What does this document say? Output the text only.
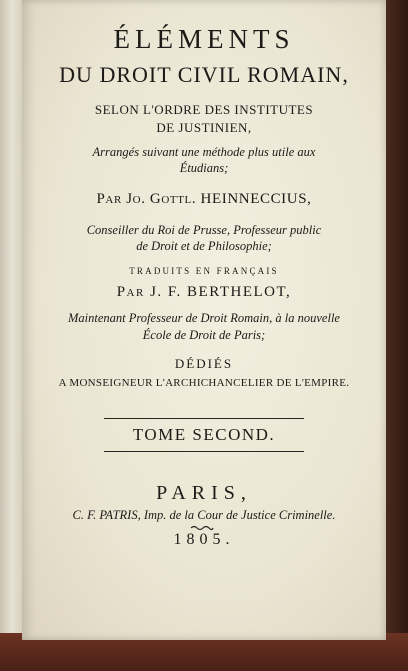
ÉLÉMENTS
DU DROIT CIVIL ROMAIN,
SELON L'ORDRE DES INSTITUTES
DE JUSTINIEN,
Arrangés suivant une méthode plus utile aux
Étudians;
Par Jo. Gottl. HEINNECCIUS,
Conseiller du Roi de Prusse, Professeur public
de Droit et de Philosophie;
TRADUITS EN FRANÇAIS
Par J. F. BERTHELOT,
Maintenant Professeur de Droit Romain, à la nouvelle
École de Droit de Paris;
DÉDIÉS
A MONSEIGNEUR L'ARCHICHANCELIER DE L'EMPIRE.
TOME SECOND.
PARIS,
C. F. PATRIS, Imp. de la Cour de Justice Criminelle.
1805.
